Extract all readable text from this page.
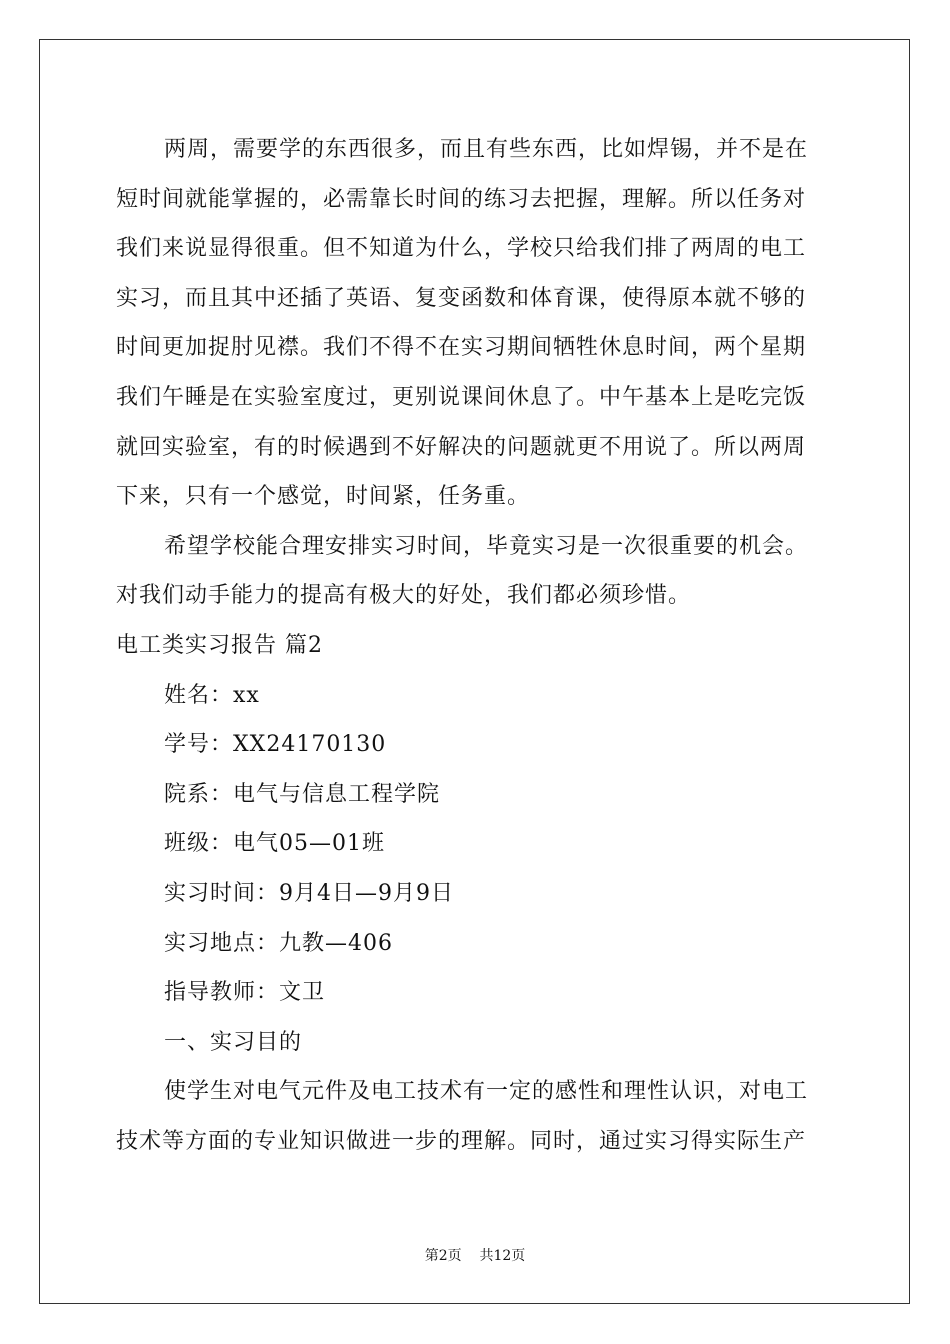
两周，需要学的东西很多，而且有些东西，比如焊锡，并不是在
短时间就能掌握的，必需靠长时间的练习去把握，理解。所以任务对
我们来说显得很重。但不知道为什么，学校只给我们排了两周的电工
实习，而且其中还插了英语、复变函数和体育课，使得原本就不够的
时间更加捉肘见襟。我们不得不在实习期间牺牲休息时间，两个星期
我们午睡是在实验室度过，更别说课间休息了。中午基本上是吃完饭
就回实验室，有的时候遇到不好解决的问题就更不用说了。所以两周
下来，只有一个感觉，时间紧，任务重。
希望学校能合理安排实习时间，毕竟实习是一次很重要的机会。
对我们动手能力的提高有极大的好处，我们都必须珍惜。
电工类实习报告 篇2
姓名：xx
学号：XX24170130
院系：电气与信息工程学院
班级：电气05—01班
实习时间：9月4日—9月9日
实习地点：九教—406
指导教师：文卫
一、实习目的
使学生对电气元件及电工技术有一定的感性和理性认识，对电工
技术等方面的专业知识做进一步的理解。同时，通过实习得实际生产
第2页 共12页
